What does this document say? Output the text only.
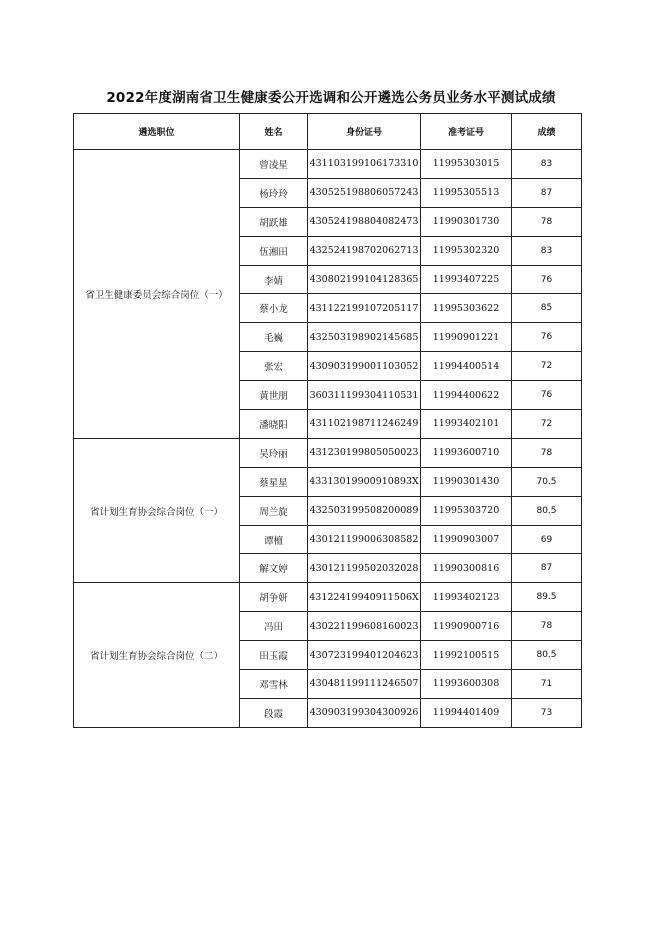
2022年度湖南省卫生健康委公开选调和公开遴选公务员业务水平测试成绩
遴选职位	姓名	身份证号	准考证号	成绩
省卫生健康委员会综合岗位（一）	曾凌星	431103199106173310	11995303015	83
	杨玲玲	430525198806057243	11995305513	87
	胡跃雄	430524198804082473	11990301730	78
	伍湘田	432524198702062713	11995302320	83
	李婧	430802199104128365	11993407225	76
	蔡小龙	431122199107205117	11995303622	85
	毛巍	432503198902145685	11990901221	76
	张宏	430903199001103052	11994400514	72
	黄世朋	360311199304110531	11994400622	76
	潘晓阳	431102198711246249	11993402101	72
省计划生育协会综合岗位（一）	吴玲丽	431230199805050023	11993600710	78
	蔡星星	43313019900910893X	11990301430	70.5
	周兰旋	432503199508200089	11995303720	80.5
	谭檀	430121199006308582	11990903007	69
	解文婷	430121199502032028	11990300816	87
省计划生育协会综合岗位（二）	胡争妍	43122419940911506X	11993402123	89.5
	冯田	430221199608160023	11990900716	78
	田玉霞	430723199401204623	11992100515	80.5
	邓雪林	430481199111246507	11993600308	71
	段霞	430903199304300926	11994401409	73
